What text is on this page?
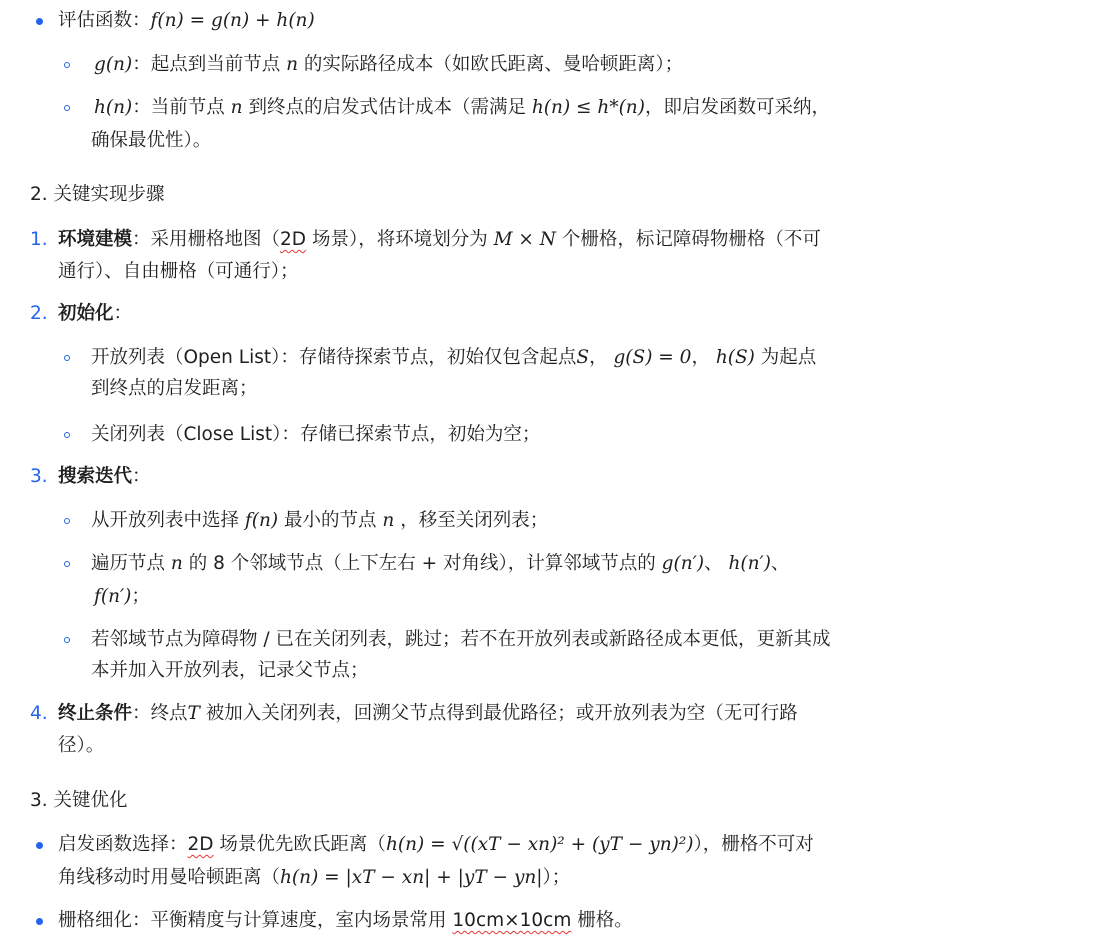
评估函数：f(n) = g(n) + h(n)
g(n)：起点到当前节点 n 的实际路径成本（如欧氏距离、曼哈顿距离）；
h(n)：当前节点 n 到终点的启发式估计成本（需满足 h(n) ≤ h*(n)，即启发函数可采纳，
确保最优性）。
2. 关键实现步骤
1. 环境建模：采用栅格地图（2D 场景），将环境划分为 M × N 个栅格，标记障碍物栅格（不可
通行）、自由栅格（可通行）；
2. 初始化：
开放列表（Open List）：存储待探索节点，初始仅包含起点S， g(S) = 0， h(S) 为起点
到终点的启发距离；
关闭列表（Close List）：存储已探索节点，初始为空；
3. 搜索迭代：
从开放列表中选择 f(n) 最小的节点 n ，移至关闭列表；
遍历节点 n 的 8 个邻域节点（上下左右 + 对角线），计算邻域节点的 g(n′)、 h(n′)、
f(n′)；
若邻域节点为障碍物 / 已在关闭列表，跳过；若不在开放列表或新路径成本更低，更新其成
本并加入开放列表，记录父节点；
4. 终止条件：终点T 被加入关闭列表，回溯父节点得到最优路径；或开放列表为空（无可行路
径）。
3. 关键优化
启发函数选择：2D 场景优先欧氏距离（h(n) = √((xT − xn)² + (yT − yn)²)），栅格不可对
角线移动时用曼哈顿距离（h(n) = |xT − xn| + |yT − yn|）；
栅格细化：平衡精度与计算速度，室内场景常用 10cm×10cm 栅格。
